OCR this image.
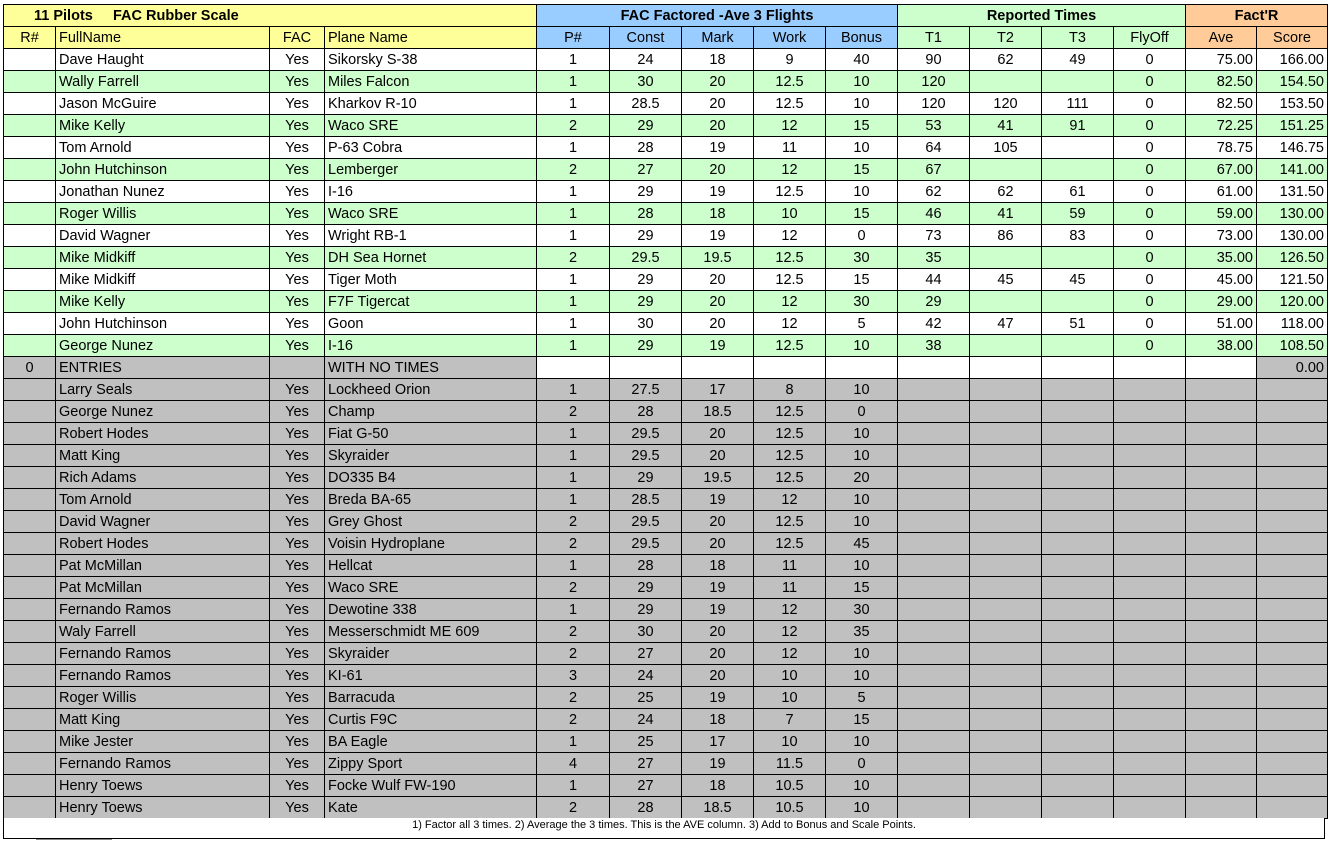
11 Pilots FAC Rubber Scale				FAC Factored -Ave 3 Flights					Reported Times				Fact'R	
R#	FullName	FAC	Plane Name	P#	Const	Mark	Work	Bonus	T1	T2	T3	FlyOff	Ave	Score
	Dave Haught	Yes	Sikorsky S-38	1	24	18	9	40	90	62	49	0	75.00	166.00
	Wally Farrell	Yes	Miles Falcon	1	30	20	12.5	10	120			0	82.50	154.50
	Jason McGuire	Yes	Kharkov R-10	1	28.5	20	12.5	10	120	120	111	0	82.50	153.50
	Mike Kelly	Yes	Waco SRE	2	29	20	12	15	53	41	91	0	72.25	151.25
	Tom Arnold	Yes	P-63 Cobra	1	28	19	11	10	64	105		0	78.75	146.75
	John Hutchinson	Yes	Lemberger	2	27	20	12	15	67			0	67.00	141.00
	Jonathan Nunez	Yes	I-16	1	29	19	12.5	10	62	62	61	0	61.00	131.50
	Roger Willis	Yes	Waco SRE	1	28	18	10	15	46	41	59	0	59.00	130.00
	David Wagner	Yes	Wright RB-1	1	29	19	12	0	73	86	83	0	73.00	130.00
	Mike Midkiff	Yes	DH Sea Hornet	2	29.5	19.5	12.5	30	35			0	35.00	126.50
	Mike Midkiff	Yes	Tiger Moth	1	29	20	12.5	15	44	45	45	0	45.00	121.50
	Mike Kelly	Yes	F7F Tigercat	1	29	20	12	30	29			0	29.00	120.00
	John Hutchinson	Yes	Goon	1	30	20	12	5	42	47	51	0	51.00	118.00
	George Nunez	Yes	I-16	1	29	19	12.5	10	38			0	38.00	108.50
0	ENTRIES		WITH NO TIMES											0.00
	Larry Seals	Yes	Lockheed Orion	1	27.5	17	8	10						
	George Nunez	Yes	Champ	2	28	18.5	12.5	0						
	Robert Hodes	Yes	Fiat G-50	1	29.5	20	12.5	10						
	Matt King	Yes	Skyraider	1	29.5	20	12.5	10						
	Rich Adams	Yes	DO335 B4	1	29	19.5	12.5	20						
	Tom Arnold	Yes	Breda BA-65	1	28.5	19	12	10						
	David Wagner	Yes	Grey Ghost	2	29.5	20	12.5	10						
	Robert Hodes	Yes	Voisin Hydroplane	2	29.5	20	12.5	45						
	Pat McMillan	Yes	Hellcat	1	28	18	11	10						
	Pat McMillan	Yes	Waco SRE	2	29	19	11	15						
	Fernando Ramos	Yes	Dewotine 338	1	29	19	12	30						
	Waly Farrell	Yes	Messerschmidt ME 609	2	30	20	12	35						
	Fernando Ramos	Yes	Skyraider	2	27	20	12	10						
	Fernando Ramos	Yes	KI-61	3	24	20	10	10						
	Roger Willis	Yes	Barracuda	2	25	19	10	5						
	Matt King	Yes	Curtis F9C	2	24	18	7	15						
	Mike Jester	Yes	BA Eagle	1	25	17	10	10						
	Fernando Ramos	Yes	Zippy Sport	4	27	19	11.5	0						
	Henry Toews	Yes	Focke Wulf FW-190	1	27	18	10.5	10						
	Henry Toews	Yes	Kate	2	28	18.5	10.5	10						
1) Factor all 3 times. 2) Average the 3 times. This is the AVE column. 3) Add to Bonus and Scale Points.
